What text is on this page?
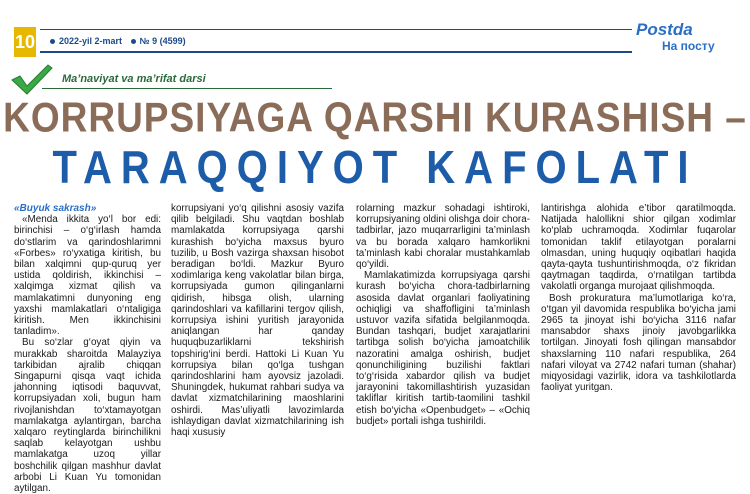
10	2022-yil 2-mart № 9 (4599)
Postda
На посту
Ma’naviyat va ma’rifat darsi
KORRUPSIYAGA QARSHI KURASHISH –
TARAQQIYOT KAFOLATI

«Buyuk sakrash»

«Menda ikkita yo‘l bor edi: birinchisi – o‘g‘irlash hamda do‘stlarim va qarindoshlarimni «Forbes» ro‘yxatiga kiritish, bu bilan xalqimni qup-quruq yer ustida qoldirish, ikkinchisi – xalqimga xizmat qilish va mamlakatimni dunyoning eng yaxshi mamlakatlari o‘ntaligiga kiritish. Men ikkinchisini tanladim».

Bu so‘zlar g‘oyat qiyin va murakkab sharoitda Malayziya tarkibidan ajralib chiqqan Singapurni qisqa vaqt ichida jahonning iqtisodi baquvvat, korrupsiyadan xoli, bugun ham rivojlanishdan to‘xtamayotgan mamlakatga aylantirgan, barcha xalqaro reytinglarda birinchilikni saqlab kelayotgan ushbu mamlakatga uzoq yillar boshchilik qilgan mashhur davlat arbobi Li Kuan Yu tomonidan aytilgan.

korrupsiyani yo‘q qilishni asosiy vazifa qilib belgiladi. Shu vaqtdan boshlab mamlakatda korrupsiyaga qarshi kurashish bo‘yicha maxsus byuro tuzilib, u Bosh vazirga shaxsan hisobot beradigan bo‘ldi. Mazkur Byuro xodimlariga keng vakolatlar bilan birga, korrupsiyada gumon qilinganlarni qidirish, hibsga olish, ularning qarindoshlari va kafillarini tergov qilish, korrupsiya ishini yuritish jarayonida aniqlangan har qanday huquqbuzarliklarni tekshirish topshirig‘ini berdi. Hattoki Li Kuan Yu korrupsiya bilan qo‘lga tushgan qarindoshlarini ham ayovsiz jazoladi. Shuningdek, hukumat rahbari sudya va davlat xizmatchilarining maoshlarini oshirdi. Mas’uliyatli lavozimlarda ishlaydigan davlat xizmatchilarining ish haqi xususiy

rolarning mazkur sohadagi ishtiroki, korrupsiyaning oldini olishga doir chora-tadbirlar, jazo muqarrarligini ta’minlash va bu borada xalqaro hamkorlikni ta’minlash kabi choralar mustahkamlab qo‘yildi.

Mamlakatimizda korrupsiyaga qarshi kurash bo‘yicha chora-tadbirlarning asosida davlat organlari faoliyatining ochiqligi va shaffofligini ta’minlash ustuvor vazifa sifatida belgilanmoqda. Bundan tashqari, budjet xarajatlarini tartibga solish bo‘yicha jamoatchilik nazoratini amalga oshirish, budjet qonunchiligining buzilishi faktlari to‘g‘risida xabardor qilish va budjet jarayonini takomillashtirish yuzasidan takliflar kiritish tartib-taomilini tashkil etish bo‘yicha «Openbudget» – «Ochiq budjet» portali ishga tushirildi.

lantirishga alohida e’tibor qaratilmoqda. Natijada halollikni shior qilgan xodimlar ko‘plab uchramoqda. Xodimlar fuqarolar tomonidan taklif etilayotgan poralarni olmasdan, uning huquqiy oqibatlari haqida qayta-qayta tushuntirishmoqda, o‘z fikridan qaytmagan taqdirda, o‘rnatilgan tartibda vakolatli organga murojaat qilishmoqda.

Bosh prokuratura ma’lumotlariga ko‘ra, o‘tgan yil davomida respublika bo‘yicha jami 2965 ta jinoyat ishi bo‘yicha 3116 nafar mansabdor shaxs jinoiy javobgarlikka tortilgan. Jinoyati fosh qilingan mansabdor shaxslarning 110 nafari respublika, 264 nafari viloyat va 2742 nafari tuman (shahar) miqyosidagi vazirlik, idora va tashkilotlarda faoliyat yuritgan.
